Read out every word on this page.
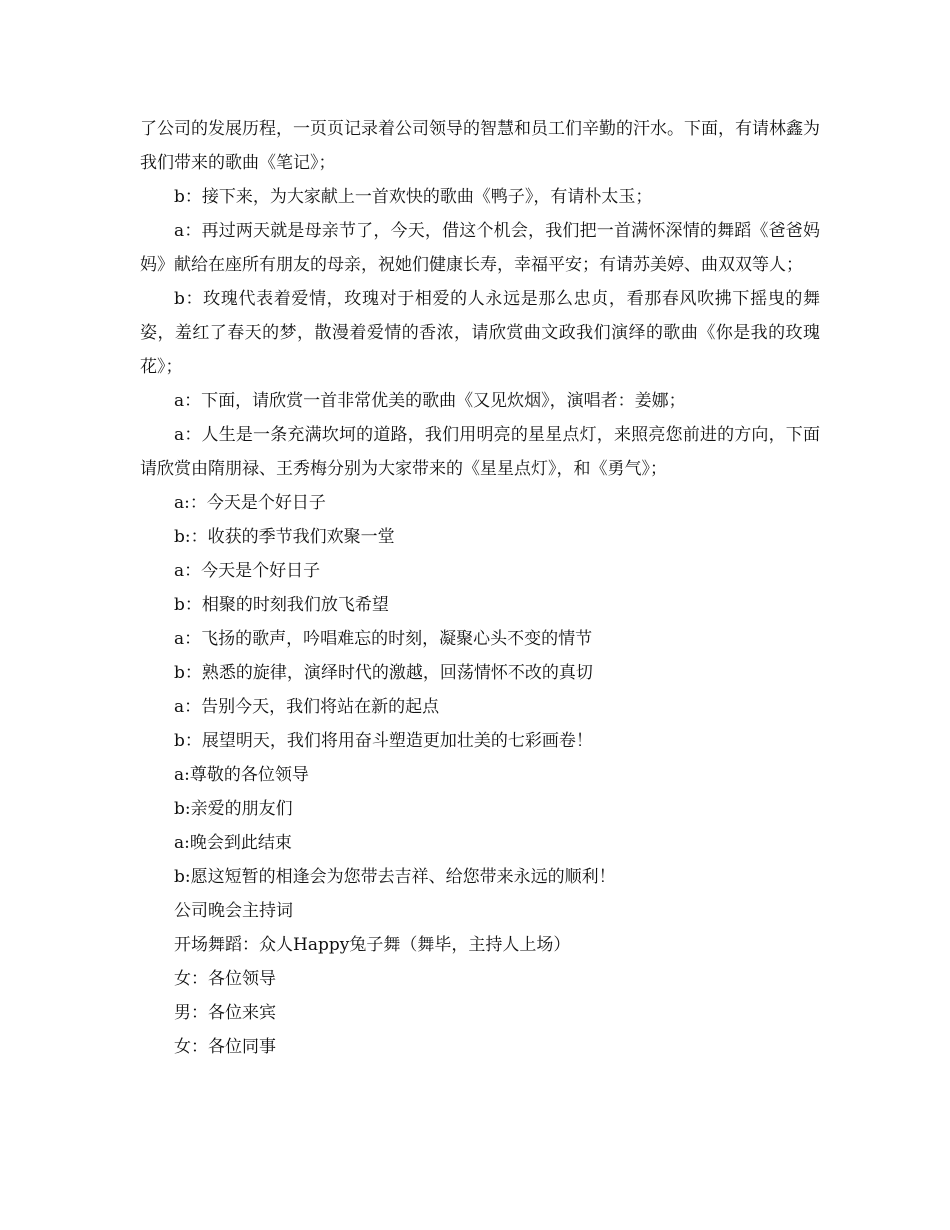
了公司的发展历程，一页页记录着公司领导的智慧和员工们辛勤的汗水。下面，有请林鑫为我们带来的歌曲《笔记》；

b：接下来，为大家献上一首欢快的歌曲《鸭子》，有请朴太玉；

a：再过两天就是母亲节了，今天，借这个机会，我们把一首满怀深情的舞蹈《爸爸妈妈》献给在座所有朋友的母亲，祝她们健康长寿，幸福平安；有请苏美婷、曲双双等人；

b：玫瑰代表着爱情，玫瑰对于相爱的人永远是那么忠贞，看那春风吹拂下摇曳的舞姿，羞红了春天的梦，散漫着爱情的香浓，请欣赏曲文政我们演绎的歌曲《你是我的玫瑰花》；

a：下面，请欣赏一首非常优美的歌曲《又见炊烟》，演唱者：姜娜；

a：人生是一条充满坎坷的道路，我们用明亮的星星点灯，来照亮您前进的方向，下面请欣赏由隋朋禄、王秀梅分别为大家带来的《星星点灯》，和《勇气》；

a:：今天是个好日子

b:：收获的季节我们欢聚一堂

a：今天是个好日子

b：相聚的时刻我们放飞希望

a：飞扬的歌声，吟唱难忘的时刻，凝聚心头不变的情节

b：熟悉的旋律，演绎时代的激越，回荡情怀不改的真切

a：告别今天，我们将站在新的起点

b：展望明天，我们将用奋斗塑造更加壮美的七彩画卷！

a:尊敬的各位领导

b:亲爱的朋友们

a:晚会到此结束

b:愿这短暂的相逢会为您带去吉祥、给您带来永远的顺利！

公司晚会主持词

开场舞蹈：众人Happy兔子舞（舞毕，主持人上场）

女：各位领导

男：各位来宾

女：各位同事
